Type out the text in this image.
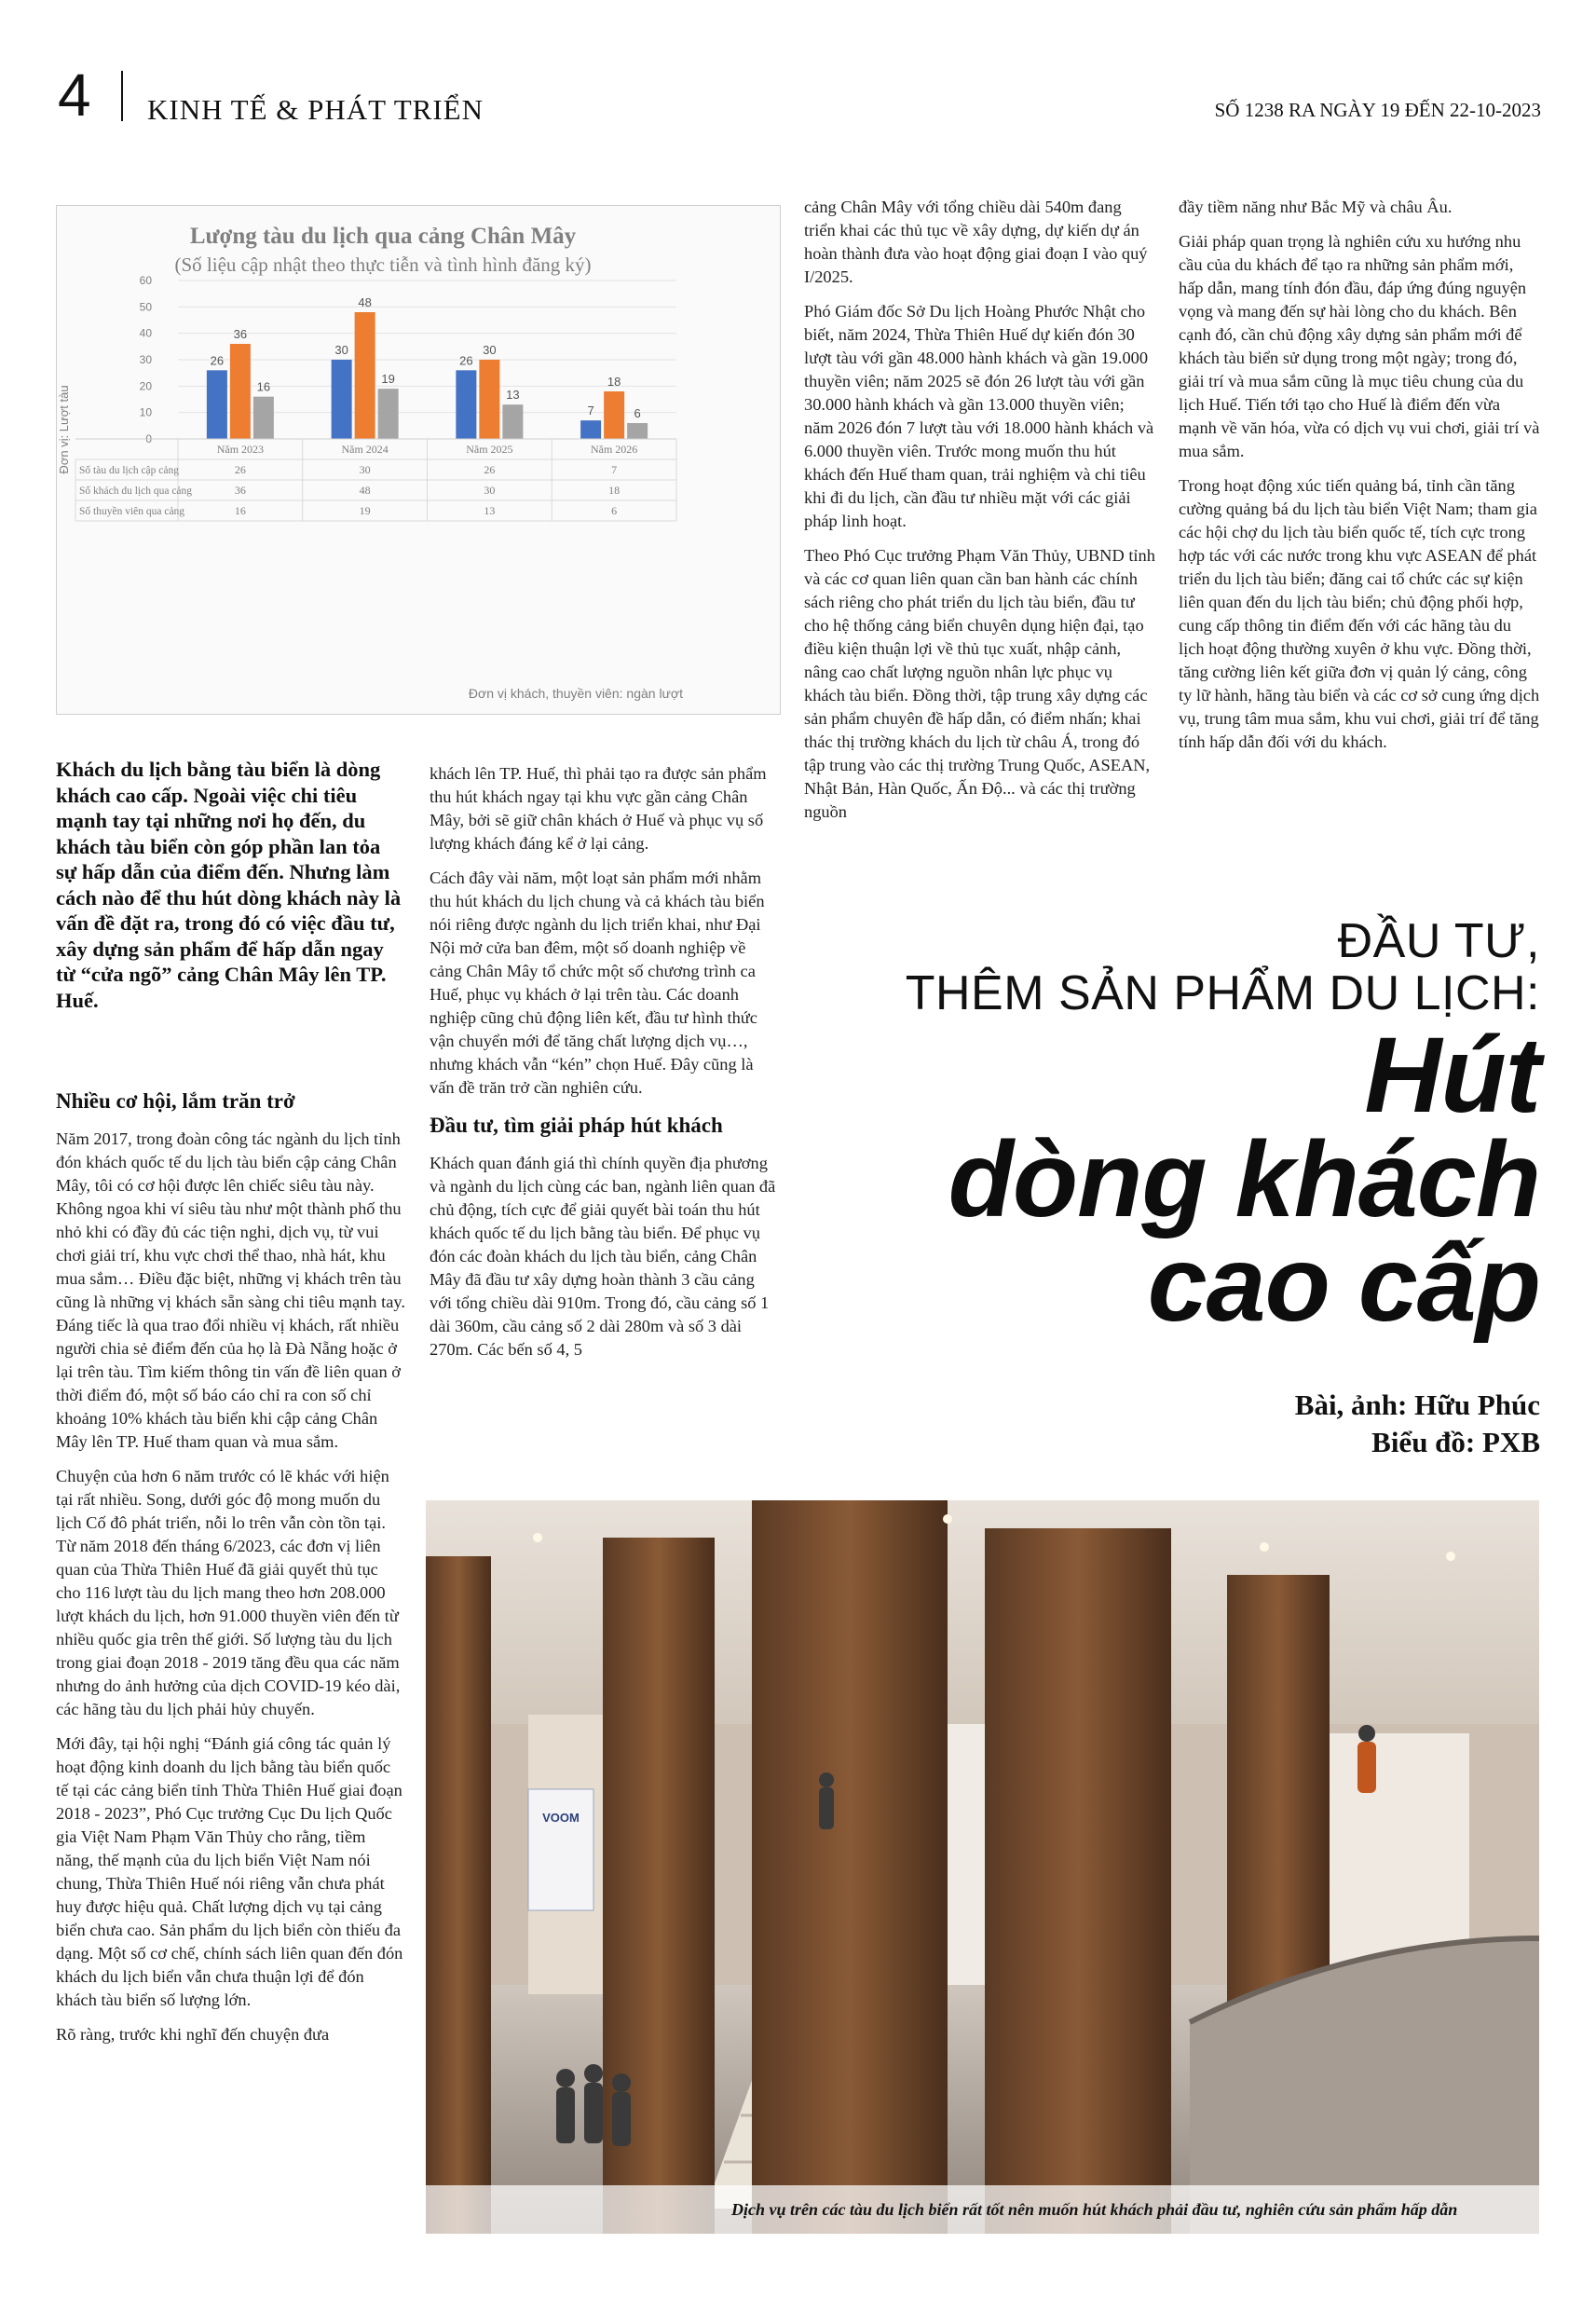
4 KINH TẾ & PHÁT TRIỂN	SỐ 1238 RA NGÀY 19 ĐẾN 22-10-2023
Lượng tàu du lịch qua cảng Chân Mây
(Số liệu cập nhật theo thực tiễn và tình hình đăng ký)
Đơn vị: Lượt tàu	0
10
20
30
40
50
60
26
36
16
30
48
19
26
30
13
7
18
6
Năm 2023	Năm 2024	Năm 2025	Năm 2026
Số tàu du lịch cập cảng	26	30	26	7
Số khách du lịch qua cảng	36	48	30	18
Số thuyền viên qua cảng	16	19	13	6
Đơn vị khách, thuyền viên: ngàn lượt
Khách du lịch bằng tàu biển là dòng khách cao cấp. Ngoài việc chi tiêu mạnh tay tại những nơi họ đến, du khách tàu biển còn góp phần lan tỏa sự hấp dẫn của điểm đến. Nhưng làm cách nào để thu hút dòng khách này là vấn đề đặt ra, trong đó có việc đầu tư, xây dựng sản phẩm để hấp dẫn ngay từ “cửa ngõ” cảng Chân Mây lên TP. Huế.
Nhiều cơ hội, lắm trăn trở

Năm 2017, trong đoàn công tác ngành du lịch tỉnh đón khách quốc tế du lịch tàu biển cập cảng Chân Mây, tôi có cơ hội được lên chiếc siêu tàu này. Không ngoa khi ví siêu tàu như một thành phố thu nhỏ khi có đầy đủ các tiện nghi, dịch vụ, từ vui chơi giải trí, khu vực chơi thể thao, nhà hát, khu mua sắm… Điều đặc biệt, những vị khách trên tàu cũng là những vị khách sẵn sàng chi tiêu mạnh tay. Đáng tiếc là qua trao đổi nhiều vị khách, rất nhiều người chia sẻ điểm đến của họ là Đà Nẵng hoặc ở lại trên tàu. Tìm kiếm thông tin vấn đề liên quan ở thời điểm đó, một số báo cáo chỉ ra con số chỉ khoảng 10% khách tàu biển khi cập cảng Chân Mây lên TP. Huế tham quan và mua sắm.

Chuyện của hơn 6 năm trước có lẽ khác với hiện tại rất nhiều. Song, dưới góc độ mong muốn du lịch Cố đô phát triển, nỗi lo trên vẫn còn tồn tại. Từ năm 2018 đến tháng 6/2023, các đơn vị liên quan của Thừa Thiên Huế đã giải quyết thủ tục cho 116 lượt tàu du lịch mang theo hơn 208.000 lượt khách du lịch, hơn 91.000 thuyền viên đến từ nhiều quốc gia trên thế giới. Số lượng tàu du lịch trong giai đoạn 2018 - 2019 tăng đều qua các năm nhưng do ảnh hưởng của dịch COVID-19 kéo dài, các hãng tàu du lịch phải hủy chuyến.

Mới đây, tại hội nghị “Đánh giá công tác quản lý hoạt động kinh doanh du lịch bằng tàu biển quốc tế tại các cảng biển tỉnh Thừa Thiên Huế giai đoạn 2018 - 2023”, Phó Cục trưởng Cục Du lịch Quốc gia Việt Nam Phạm Văn Thủy cho rằng, tiềm năng, thế mạnh của du lịch biển Việt Nam nói chung, Thừa Thiên Huế nói riêng vẫn chưa phát huy được hiệu quả. Chất lượng dịch vụ tại cảng biển chưa cao. Sản phẩm du lịch biển còn thiếu đa dạng. Một số cơ chế, chính sách liên quan đến đón khách du lịch biển vẫn chưa thuận lợi để đón khách tàu biển số lượng lớn.

Rõ ràng, trước khi nghĩ đến chuyện đưa

khách lên TP. Huế, thì phải tạo ra được sản phẩm thu hút khách ngay tại khu vực gần cảng Chân Mây, bởi sẽ giữ chân khách ở Huế và phục vụ số lượng khách đáng kể ở lại cảng.

Cách đây vài năm, một loạt sản phẩm mới nhằm thu hút khách du lịch chung và cả khách tàu biển nói riêng được ngành du lịch triển khai, như Đại Nội mở cửa ban đêm, một số doanh nghiệp về cảng Chân Mây tổ chức một số chương trình ca Huế, phục vụ khách ở lại trên tàu. Các doanh nghiệp cũng chủ động liên kết, đầu tư hình thức vận chuyển mới để tăng chất lượng dịch vụ…, nhưng khách vẫn “kén” chọn Huế. Đây cũng là vấn đề trăn trở cần nghiên cứu.

Đầu tư, tìm giải pháp hút khách

Khách quan đánh giá thì chính quyền địa phương và ngành du lịch cùng các ban, ngành liên quan đã chủ động, tích cực để giải quyết bài toán thu hút khách quốc tế du lịch bằng tàu biển. Để phục vụ đón các đoàn khách du lịch tàu biển, cảng Chân Mây đã đầu tư xây dựng hoàn thành 3 cầu cảng với tổng chiều dài 910m. Trong đó, cầu cảng số 1 dài 360m, cầu cảng số 2 dài 280m và số 3 dài 270m. Các bến số 4, 5

cảng Chân Mây với tổng chiều dài 540m đang triển khai các thủ tục về xây dựng, dự kiến dự án hoàn thành đưa vào hoạt động giai đoạn I vào quý I/2025.

Phó Giám đốc Sở Du lịch Hoàng Phước Nhật cho biết, năm 2024, Thừa Thiên Huế dự kiến đón 30 lượt tàu với gần 48.000 hành khách và gần 19.000 thuyền viên; năm 2025 sẽ đón 26 lượt tàu với gần 30.000 hành khách và gần 13.000 thuyền viên; năm 2026 đón 7 lượt tàu với 18.000 hành khách và 6.000 thuyền viên. Trước mong muốn thu hút khách đến Huế tham quan, trải nghiệm và chi tiêu khi đi du lịch, cần đầu tư nhiều mặt với các giải pháp linh hoạt.

Theo Phó Cục trưởng Phạm Văn Thủy, UBND tỉnh và các cơ quan liên quan cần ban hành các chính sách riêng cho phát triển du lịch tàu biển, đầu tư cho hệ thống cảng biển chuyên dụng hiện đại, tạo điều kiện thuận lợi về thủ tục xuất, nhập cảnh, nâng cao chất lượng nguồn nhân lực phục vụ khách tàu biển. Đồng thời, tập trung xây dựng các sản phẩm chuyên đề hấp dẫn, có điểm nhấn; khai thác thị trường khách du lịch từ châu Á, trong đó tập trung vào các thị trường Trung Quốc, ASEAN, Nhật Bản, Hàn Quốc, Ấn Độ... và các thị trường nguồn

đầy tiềm năng như Bắc Mỹ và châu Âu.

Giải pháp quan trọng là nghiên cứu xu hướng nhu cầu của du khách để tạo ra những sản phẩm mới, hấp dẫn, mang tính đón đầu, đáp ứng đúng nguyện vọng và mang đến sự hài lòng cho du khách. Bên cạnh đó, cần chủ động xây dựng sản phẩm mới để khách tàu biển sử dụng trong một ngày; trong đó, giải trí và mua sắm cũng là mục tiêu chung của du lịch Huế. Tiến tới tạo cho Huế là điểm đến vừa mạnh về văn hóa, vừa có dịch vụ vui chơi, giải trí và mua sắm.

Trong hoạt động xúc tiến quảng bá, tỉnh cần tăng cường quảng bá du lịch tàu biển Việt Nam; tham gia các hội chợ du lịch tàu biển quốc tế, tích cực trong hợp tác với các nước trong khu vực ASEAN để phát triển du lịch tàu biển; đăng cai tổ chức các sự kiện liên quan đến du lịch tàu biển; chủ động phối hợp, cung cấp thông tin điểm đến với các hãng tàu du lịch hoạt động thường xuyên ở khu vực. Đồng thời, tăng cường liên kết giữa đơn vị quản lý cảng, công ty lữ hành, hãng tàu biển và các cơ sở cung ứng dịch vụ, trung tâm mua sắm, khu vui chơi, giải trí để tăng tính hấp dẫn đối với du khách.

ĐẦU TƯ,
THÊM SẢN PHẨM DU LỊCH:
Hút
dòng khách
cao cấp
Bài, ảnh: Hữu Phúc
Biểu đồ: PXB
VOOM
Dịch vụ trên các tàu du lịch biển rất tốt nên muốn hút khách phải đầu tư, nghiên cứu sản phẩm hấp dẫn
